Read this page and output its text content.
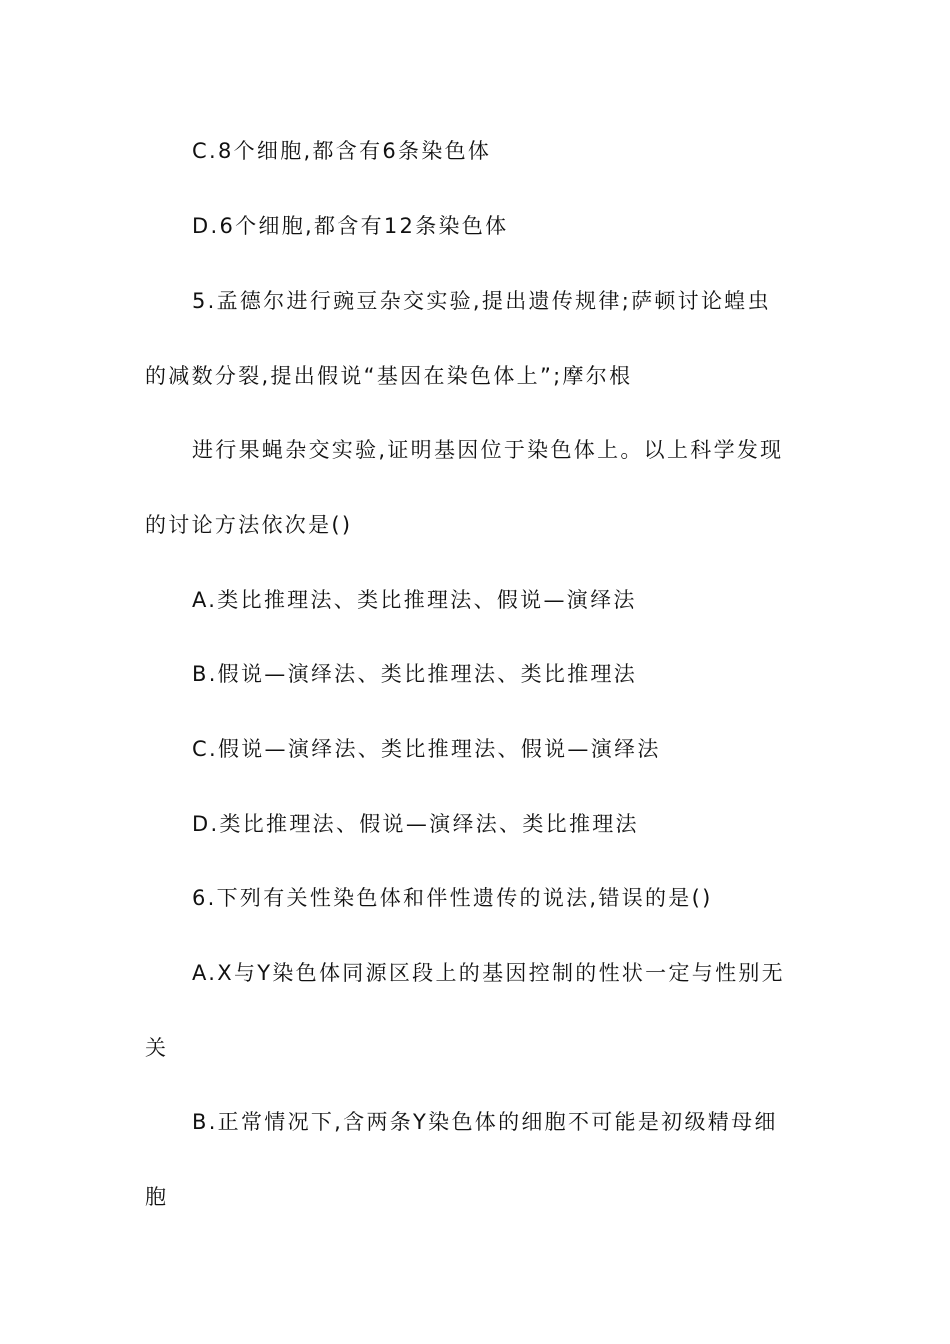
C.8个细胞,都含有6条染色体
D.6个细胞,都含有12条染色体
5.孟德尔进行豌豆杂交实验,提出遗传规律;萨顿讨论蝗虫
的减数分裂,提出假说“基因在染色体上”;摩尔根
进行果蝇杂交实验,证明基因位于染色体上。以上科学发现
的讨论方法依次是()
A.类比推理法、类比推理法、假说—演绎法
B.假说—演绎法、类比推理法、类比推理法
C.假说—演绎法、类比推理法、假说—演绎法
D.类比推理法、假说—演绎法、类比推理法
6.下列有关性染色体和伴性遗传的说法,错误的是()
A.X与Y染色体同源区段上的基因控制的性状一定与性别无
关
B.正常情况下,含两条Y染色体的细胞不可能是初级精母细
胞
